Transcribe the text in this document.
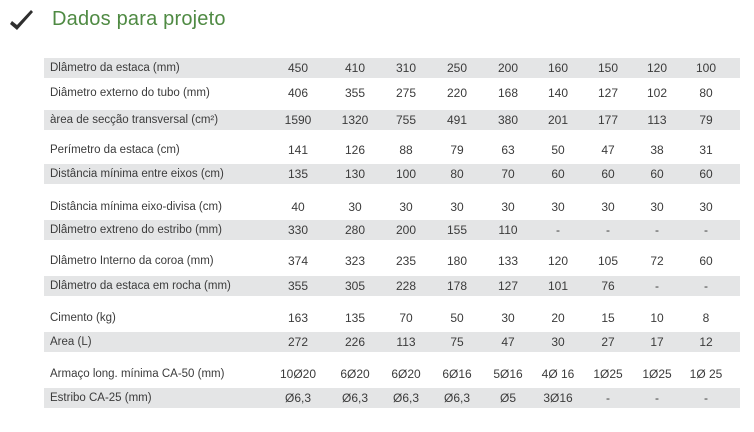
Dados para projeto
Dlâmetro da estaca (mm)	450	410	310	250	200	160	150	120	100
Diâmetro externo do tubo (mm)	406	355	275	220	168	140	127	102	80
àrea de secção transversal (cm²)	1590	1320	755	491	380	201	177	113	79
Perímetro da estaca (cm)	141	126	88	79	63	50	47	38	31
Distância mínima entre eixos (cm)	135	130	100	80	70	60	60	60	60
Distância mínima eixo-divisa (cm)	40	30	30	30	30	30	30	30	30
Dlâmetro extreno do estribo (mm)	330	280	200	155	110	-	-	-	-
Dlâmetro Interno da coroa (mm)	374	323	235	180	133	120	105	72	60
Dlâmetro da estaca em rocha (mm)	355	305	228	178	127	101	76	-	-
Cimento (kg)	163	135	70	50	30	20	15	10	8
Area (L)	272	226	113	75	47	30	27	17	12
Armaço long. mínima CA-50 (mm)	10Ø20	6Ø20	6Ø20	6Ø16	5Ø16	4Ø 16	1Ø25	1Ø25	1Ø 25
Estribo CA-25 (mm)	Ø6,3	Ø6,3	Ø6,3	Ø6,3	Ø5	3Ø16	-	-	-
